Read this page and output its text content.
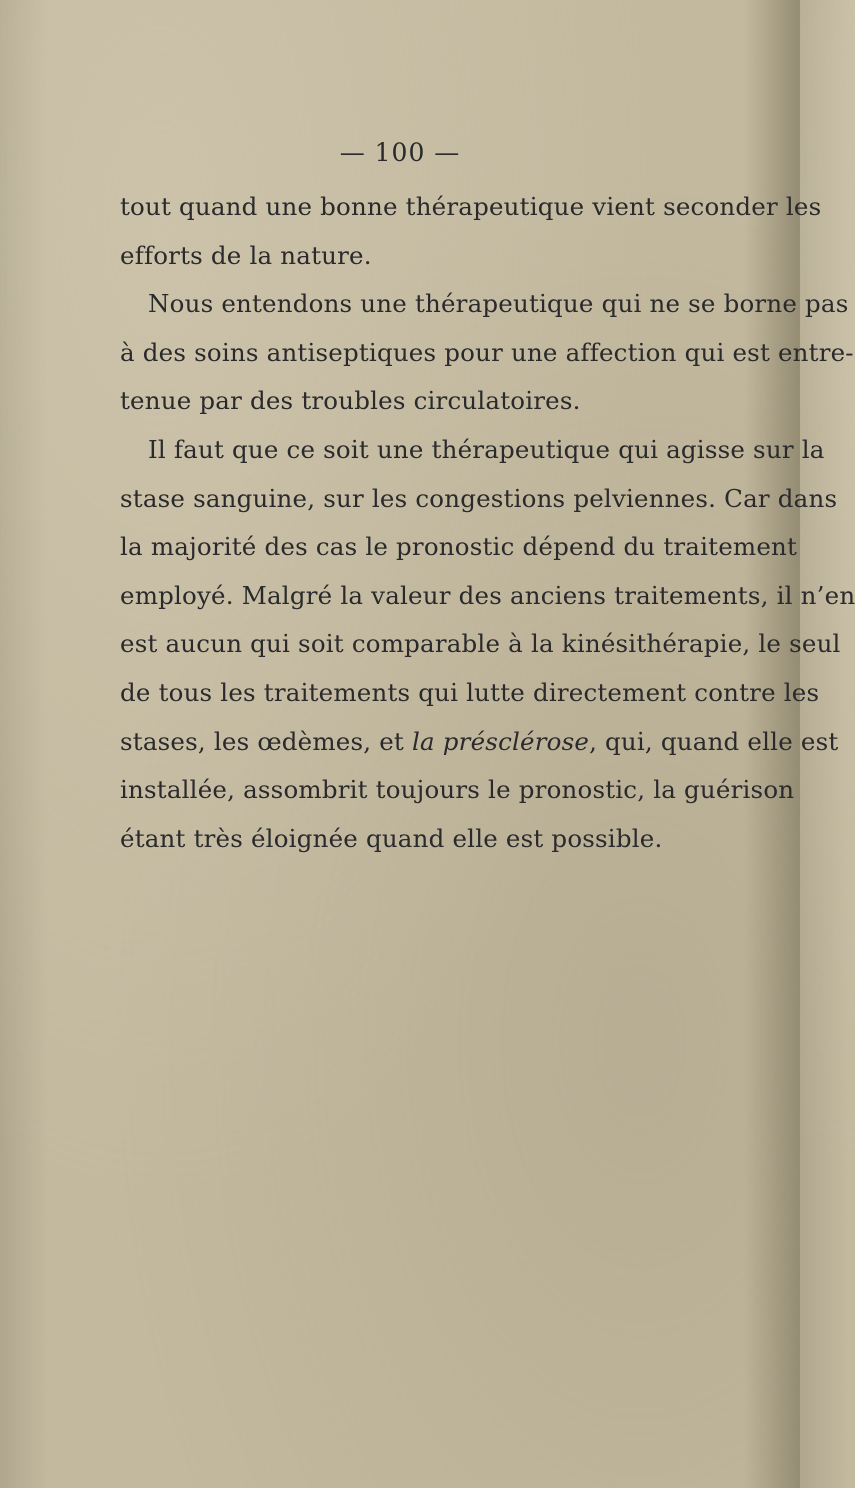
— 100 —
tout quand une bonne thérapeutique vient seconder les
efforts de la nature.
Nous entendons une thérapeutique qui ne se borne pas
à des soins antiseptiques pour une affection qui est entre-
tenue par des troubles circulatoires.
Il faut que ce soit une thérapeutique qui agisse sur la
stase sanguine, sur les congestions pelviennes. Car dans
la majorité des cas le pronostic dépend du traitement
employé. Malgré la valeur des anciens traitements, il n’en
est aucun qui soit comparable à la kinésithérapie, le seul
de tous les traitements qui lutte directement contre les
stases, les œdèmes, et la présclérose, qui, quand elle est
installée, assombrit toujours le pronostic, la guérison
étant très éloignée quand elle est possible.
